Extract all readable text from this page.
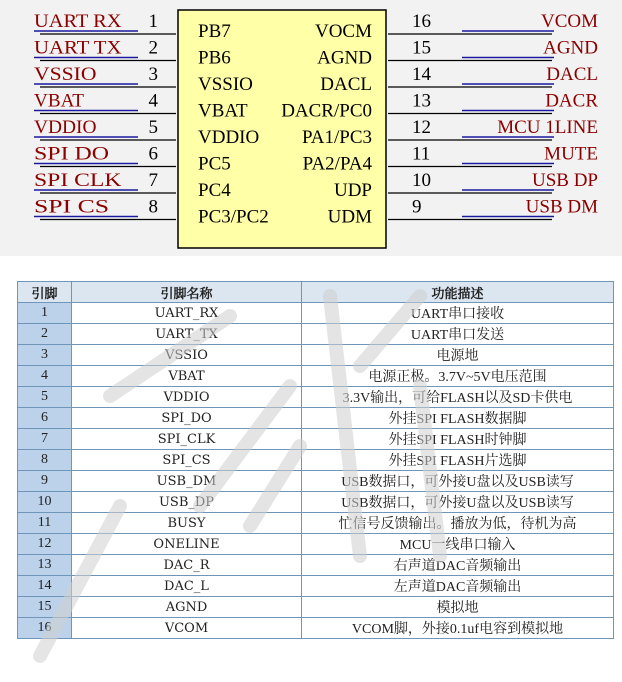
UART RX 1 PB7
UART TX 2 PB6
VSSIO	3 VSSIO
VBAT	4 VBAT
VDDIO	5 VDDIO
SPI DO 6 PC5
SPI CLK 7 PC4
SPI CS 8 PC3/PC2
16	VCOM
VOCM
15	AGND
AGND
14	DACL
DACL
13	DACR
DACR/PC0
12	MCU 1LINE
PA1/PC3
11	MUTE
PA2/PA4
10	USB DP
UDP
9	USB DM
UDM
引脚	引脚名称	功能描述
1	UART_RX	UART串口接收
2	UART_TX	UART串口发送
3	VSSIO	电源地
4	VBAT	电源正极。3.7V~5V电压范围
5	VDDIO	3.3V输出，可给FLASH以及SD卡供电
6	SPI_DO	外挂SPI FLASH数据脚
7	SPI_CLK	外挂SPI FLASH时钟脚
8	SPI_CS	外挂SPI FLASH片选脚
9	USB_DM	USB数据口，可外接U盘以及USB读写
10	USB_DP	USB数据口，可外接U盘以及USB读写
11	BUSY	忙信号反馈输出。播放为低，待机为高
12	ONELINE	MCU一线串口输入
13	DAC_R	右声道DAC音频输出
14	DAC_L	左声道DAC音频输出
15	AGND	模拟地
16	VCOM	VCOM脚，外接0.1uf电容到模拟地
